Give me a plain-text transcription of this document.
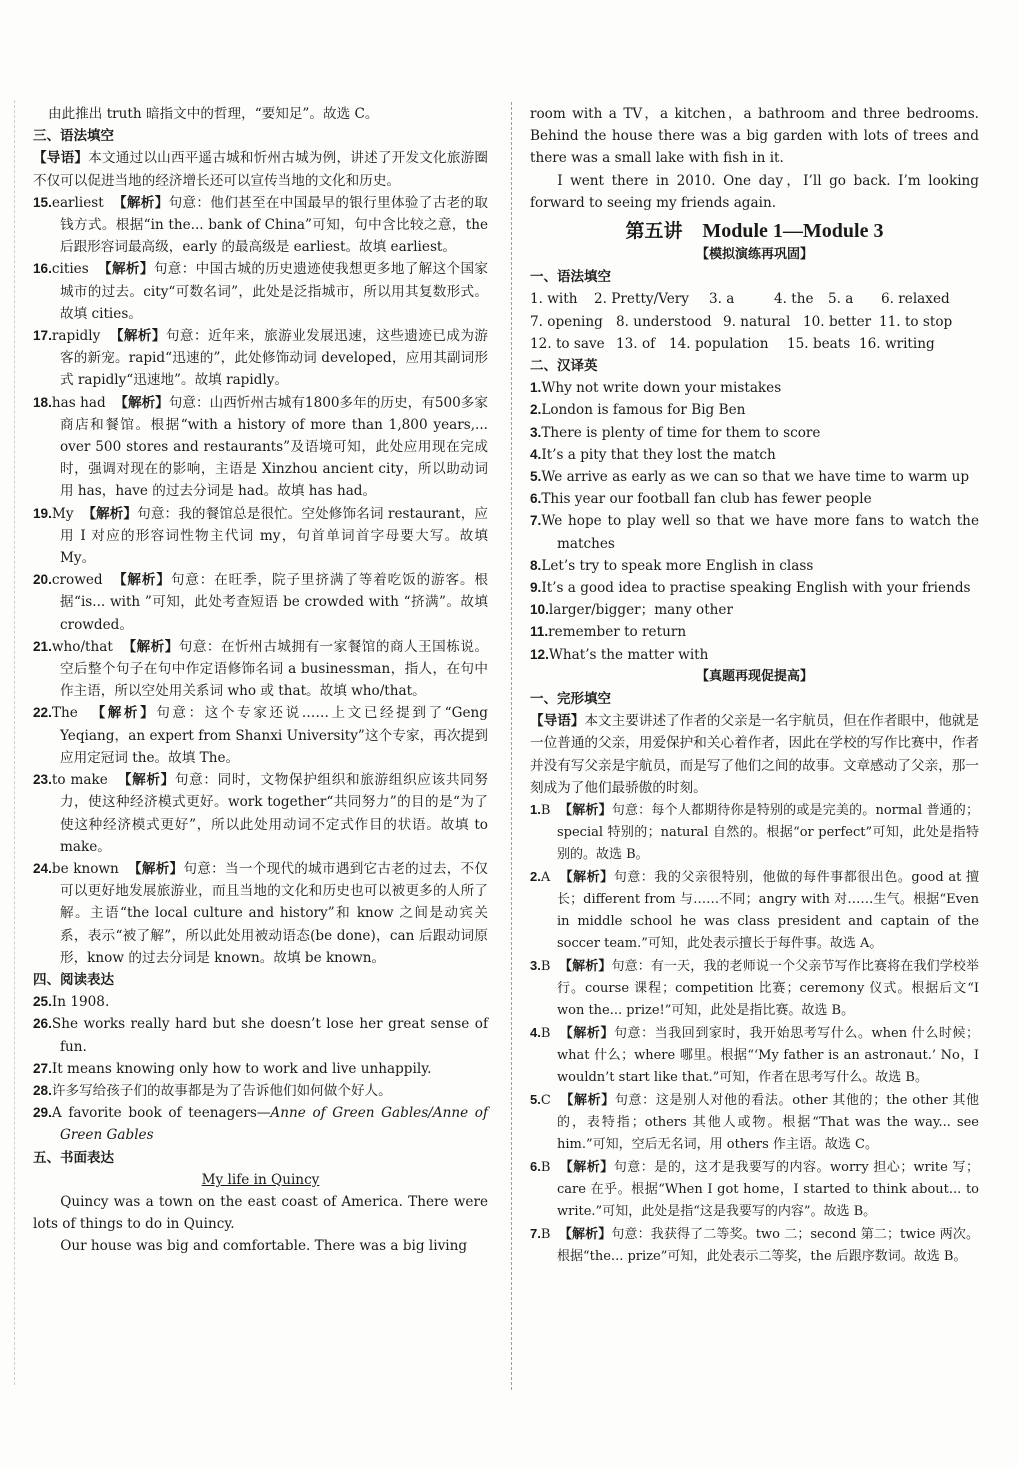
由此推出 truth 暗指文中的哲理，“要知足”。故选 C。

三、语法填空

【导语】本文通过以山西平遥古城和忻州古城为例，讲述了开发文化旅游圈不仅可以促进当地的经济增长还可以宣传当地的文化和历史。

15.earliest 【解析】句意：他们甚至在中国最早的银行里体验了古老的取钱方式。根据“in the... bank of China”可知，句中含比较之意，the 后跟形容词最高级，early 的最高级是 earliest。故填 earliest。

16.cities 【解析】句意：中国古城的历史遗迹使我想更多地了解这个国家城市的过去。city“可数名词”，此处是泛指城市，所以用其复数形式。故填 cities。

17.rapidly 【解析】句意：近年来，旅游业发展迅速，这些遗迹已成为游客的新宠。rapid“迅速的”，此处修饰动词 developed，应用其副词形式 rapidly“迅速地”。故填 rapidly。

18.has had 【解析】句意：山西忻州古城有1800多年的历史，有500多家商店和餐馆。根据“with a history of more than 1,800 years,... over 500 stores and restaurants”及语境可知，此处应用现在完成时，强调对现在的影响，主语是 Xinzhou ancient city，所以助动词用 has，have 的过去分词是 had。故填 has had。

19.My 【解析】句意：我的餐馆总是很忙。空处修饰名词 restaurant，应用 I 对应的形容词性物主代词 my，句首单词首字母要大写。故填 My。

20.crowed 【解析】句意：在旺季，院子里挤满了等着吃饭的游客。根据“is... with ”可知，此处考查短语 be crowded with “挤满”。故填 crowded。

21.who/that 【解析】句意：在忻州古城拥有一家餐馆的商人王国栋说。空后整个句子在句中作定语修饰名词 a businessman，指人，在句中作主语，所以空处用关系词 who 或 that。故填 who/that。

22.The 【解析】句意：这个专家还说……上文已经提到了“Geng Yeqiang，an expert from Shanxi University”这个专家，再次提到应用定冠词 the。故填 The。

23.to make 【解析】句意：同时，文物保护组织和旅游组织应该共同努力，使这种经济模式更好。work together“共同努力”的目的是“为了使这种经济模式更好”，所以此处用动词不定式作目的状语。故填 to make。

24.be known 【解析】句意：当一个现代的城市遇到它古老的过去，不仅可以更好地发展旅游业，而且当地的文化和历史也可以被更多的人所了解。主语“the local culture and history”和 know 之间是动宾关系，表示“被了解”，所以此处用被动语态(be done)，can 后跟动词原形，know 的过去分词是 known。故填 be known。

四、阅读表达

25.In 1908.

26.She works really hard but she doesn’t lose her great sense of fun.

27.It means knowing only how to work and live unhappily.

28.许多写给孩子们的故事都是为了告诉他们如何做个好人。

29.A favorite book of teenagers—Anne of Green Gables/Anne of Green Gables

五、书面表达

My life in Quincy

Quincy was a town on the east coast of America. There were lots of things to do in Quincy.

Our house was big and comfortable. There was a big living

room with a TV，a kitchen，a bathroom and three bedrooms. Behind the house there was a big garden with lots of trees and there was a small lake with fish in it.

I went there in 2010. One day，I’ll go back. I’m looking forward to seeing my friends again.

第五讲 Module 1—Module 3

【模拟演练再巩固】

一、语法填空

1. with	2. Pretty/Very	3. a	4. the	5. a	6. relaxed
7. opening 8. understood 9. natural 10. better 11. to stop
12. to save 13. of	14. population	15. beats 16. writing

二、汉译英

1.Why not write down your mistakes

2.London is famous for Big Ben

3.There is plenty of time for them to score

4.It’s a pity that they lost the match

5.We arrive as early as we can so that we have time to warm up

6.This year our football fan club has fewer people

7.We hope to play well so that we have more fans to watch the matches

8.Let’s try to speak more English in class

9.It’s a good idea to practise speaking English with your friends

10.larger/bigger；many other

11.remember to return

12.What’s the matter with

【真题再现促提高】

一、完形填空

【导语】本文主要讲述了作者的父亲是一名宇航员，但在作者眼中，他就是一位普通的父亲，用爱保护和关心着作者，因此在学校的写作比赛中，作者并没有写父亲是宇航员，而是写了他们之间的故事。文章感动了父亲，那一刻成为了他们最骄傲的时刻。

1.B 【解析】句意：每个人都期待你是特别的或是完美的。normal 普通的；special 特别的；natural 自然的。根据“or perfect”可知，此处是指特别的。故选 B。

2.A 【解析】句意：我的父亲很特别，他做的每件事都很出色。good at 擅长；different from 与……不同；angry with 对……生气。根据“Even in middle school he was class president and captain of the soccer team.”可知，此处表示擅长于每件事。故选 A。

3.B 【解析】句意：有一天，我的老师说一个父亲节写作比赛将在我们学校举行。course 课程；competition 比赛；ceremony 仪式。根据后文“I won the... prize!”可知，此处是指比赛。故选 B。

4.B 【解析】句意：当我回到家时，我开始思考写什么。when 什么时候；what 什么；where 哪里。根据“‘My father is an astronaut.’ No，I wouldn’t start like that.”可知，作者在思考写什么。故选 B。

5.C 【解析】句意：这是别人对他的看法。other 其他的；the other 其他的，表特指；others 其他人或物。根据“That was the way... see him.”可知，空后无名词，用 others 作主语。故选 C。

6.B 【解析】句意：是的，这才是我要写的内容。worry 担心；write 写；care 在乎。根据“When I got home，I started to think about... to write.”可知，此处是指“这是我要写的内容”。故选 B。

7.B 【解析】句意：我获得了二等奖。two 二；second 第二；twice 两次。根据“the... prize”可知，此处表示二等奖，the 后跟序数词。故选 B。
